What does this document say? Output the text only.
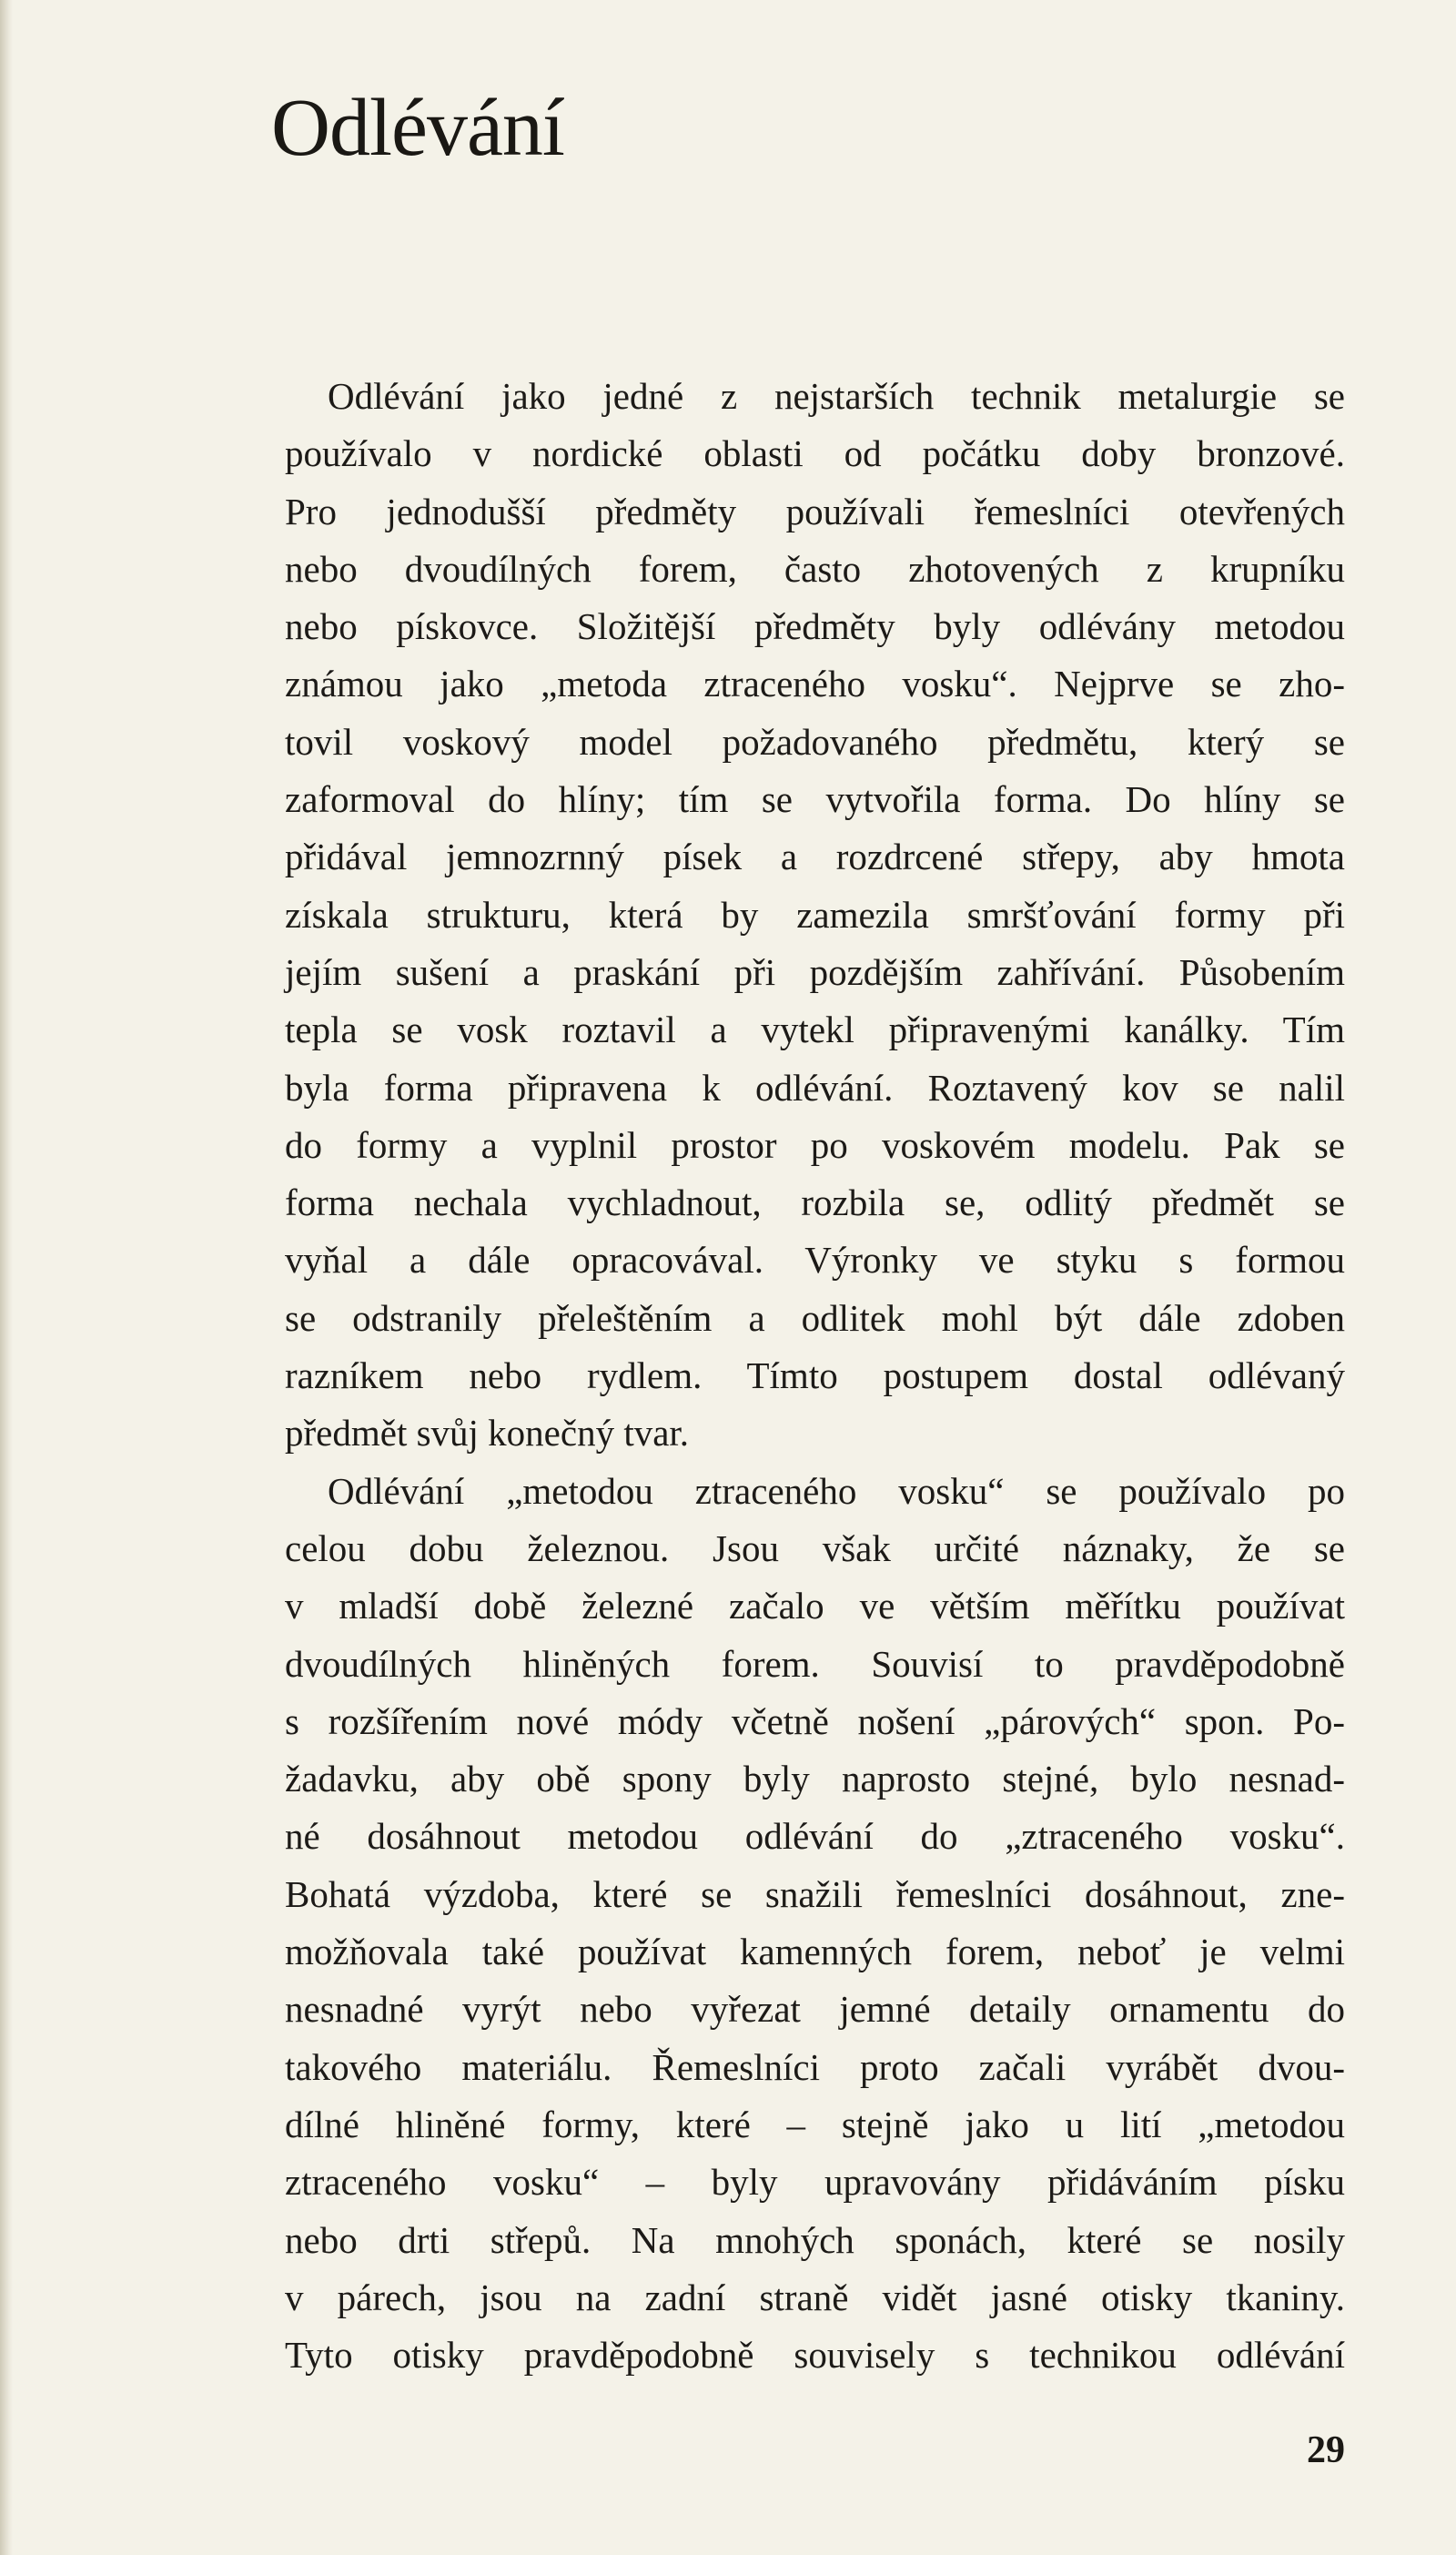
Odlévání
Odlévání jako jedné z nejstarších technik metalurgie se
používalo v nordické oblasti od počátku doby bronzové.
Pro jednodušší předměty používali řemeslníci otevřených
nebo dvoudílných forem, často zhotovených z krupníku
nebo pískovce. Složitější předměty byly odlévány metodou
známou jako „metoda ztraceného vosku“. Nejprve se zho-
tovil voskový model požadovaného předmětu, který se
zaformoval do hlíny; tím se vytvořila forma. Do hlíny se
přidával jemnozrnný písek a rozdrcené střepy, aby hmota
získala strukturu, která by zamezila smršťování formy při
jejím sušení a praskání při pozdějším zahřívání. Působením
tepla se vosk roztavil a vytekl připravenými kanálky. Tím
byla forma připravena k odlévání. Roztavený kov se nalil
do formy a vyplnil prostor po voskovém modelu. Pak se
forma nechala vychladnout, rozbila se, odlitý předmět se
vyňal a dále opracovával. Výronky ve styku s formou
se odstranily přeleštěním a odlitek mohl být dále zdoben
razníkem nebo rydlem. Tímto postupem dostal odlévaný
předmět svůj konečný tvar.
Odlévání „metodou ztraceného vosku“ se používalo po
celou dobu železnou. Jsou však určité náznaky, že se
v mladší době železné začalo ve větším měřítku používat
dvoudílných hliněných forem. Souvisí to pravděpodobně
s rozšířením nové módy včetně nošení „párových“ spon. Po-
žadavku, aby obě spony byly naprosto stejné, bylo nesnad-
né dosáhnout metodou odlévání do „ztraceného vosku“.
Bohatá výzdoba, které se snažili řemeslníci dosáhnout, zne-
možňovala také používat kamenných forem, neboť je velmi
nesnadné vyrýt nebo vyřezat jemné detaily ornamentu do
takového materiálu. Řemeslníci proto začali vyrábět dvou-
dílné hliněné formy, které – stejně jako u lití „metodou
ztraceného vosku“ – byly upravovány přidáváním písku
nebo drti střepů. Na mnohých sponách, které se nosily
v párech, jsou na zadní straně vidět jasné otisky tkaniny.
Tyto otisky pravděpodobně souvisely s technikou odlévání
29
